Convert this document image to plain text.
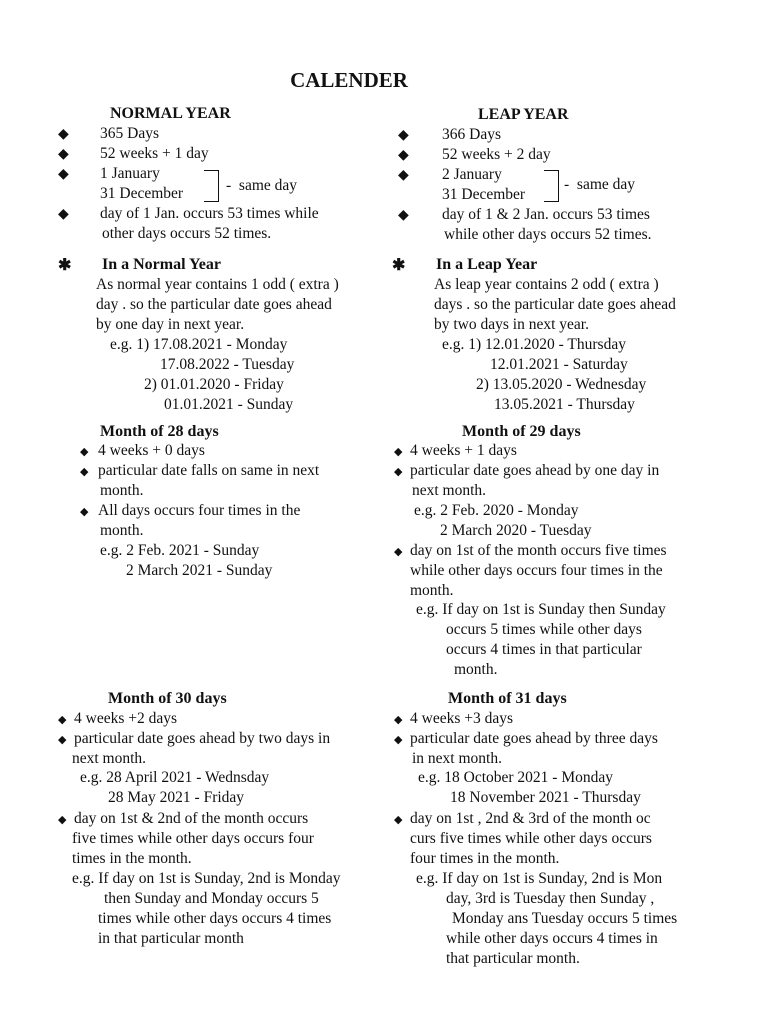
CALENDER
NORMAL YEAR
◆ 365 Days
◆ 52 weeks + 1 day
◆ 1 January
31 December	-  same day
◆ day of 1 Jan. occurs 53 times while
other days occurs 52 times.
✱ In a Normal Year
As normal year contains 1 odd ( extra )
day . so the particular date goes ahead
by one day in next year.
e.g. 1) 17.08.2021 - Monday
17.08.2022 - Tuesday
2) 01.01.2020 - Friday
01.01.2021 - Sunday
LEAP YEAR
◆ 366 Days
◆ 52 weeks + 2 day
◆ 2 January
31 December
-  same day
◆ day of 1 & 2 Jan. occurs 53 times
while other days occurs 52 times.
✱ In a Leap Year
As leap year contains 2 odd ( extra )
days . so the particular date goes ahead
by two days in next year.
e.g. 1) 12.01.2020 - Thursday
12.01.2021 - Saturday
2) 13.05.2020 - Wednesday
13.05.2021 - Thursday
Month of 28 days
◆ 4 weeks + 0 days
◆ particular date falls on same in next
month.
◆ All days occurs four times in the
month.
e.g. 2 Feb. 2021 - Sunday
2 March 2021 - Sunday
Month of 29 days
◆ 4 weeks + 1 days
◆ particular date goes ahead by one day in
next month.
e.g. 2 Feb. 2020 - Monday
2 March 2020 - Tuesday
◆ day on 1st of the month occurs five times
while other days occurs four times in the
month.
e.g. If day on 1st is Sunday then Sunday
occurs 5 times while other days
occurs 4 times in that particular
month.
Month of 30 days
◆ 4 weeks +2 days
◆ particular date goes ahead by two days in
next month.
e.g. 28 April 2021 - Wednsday
28 May 2021 - Friday
◆ day on 1st & 2nd of the month occurs
five times while other days occurs four
times in the month.
e.g. If day on 1st is Sunday, 2nd is Monday
then Sunday and Monday occurs 5
times while other days occurs 4 times
in that particular month
Month of 31 days
◆ 4 weeks +3 days
◆ particular date goes ahead by three days
in next month.
e.g. 18 October 2021 - Monday
18 November 2021 - Thursday
◆ day on 1st , 2nd & 3rd of the month oc
curs five times while other days occurs
four times in the month.
e.g. If day on 1st is Sunday, 2nd is Mon
day, 3rd is Tuesday then Sunday ,
Monday ans Tuesday occurs 5 times
while other days occurs 4 times in
that particular month.
